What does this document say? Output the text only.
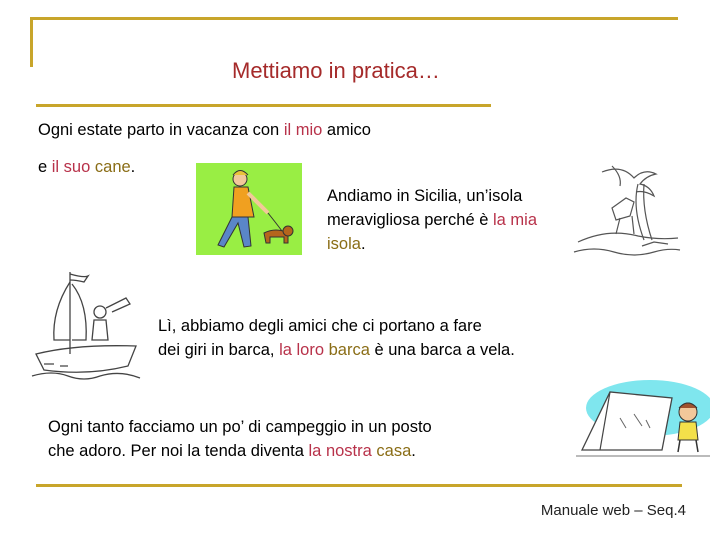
Mettiamo in pratica…
Ogni estate parto in vacanza con il mio amico
e il suo cane.
Andiamo in Sicilia, un’isola
meravigliosa perché è la mia
isola.
Lì, abbiamo degli amici che ci portano a fare
dei giri in barca, la loro barca è una barca a vela.
Ogni tanto facciamo un po’ di campeggio in un posto
che adoro. Per noi la tenda diventa la nostra casa.
Manuale web – Seq.4
